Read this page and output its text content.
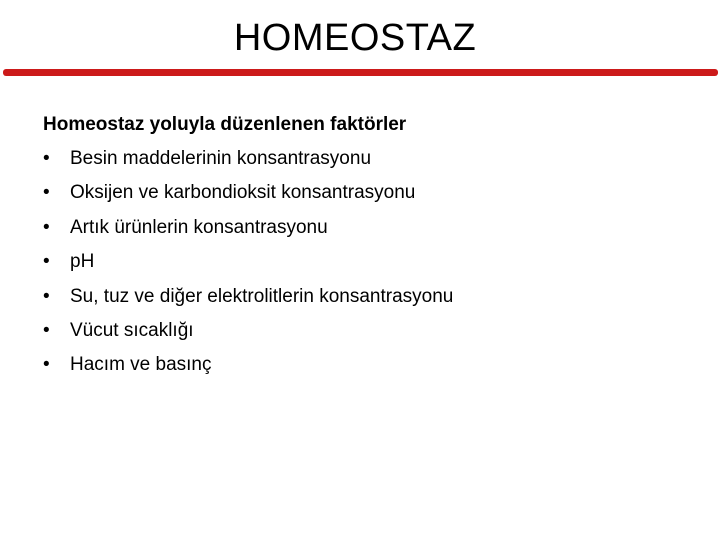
HOMEOSTAZ
Homeostaz yoluyla düzenlenen faktörler
•	Besin maddelerinin konsantrasyonu
•	Oksijen ve karbondioksit konsantrasyonu
•	Artık ürünlerin konsantrasyonu
•	pH
•	Su, tuz ve diğer elektrolitlerin konsantrasyonu
•	Vücut sıcaklığı
•	Hacım ve basınç
